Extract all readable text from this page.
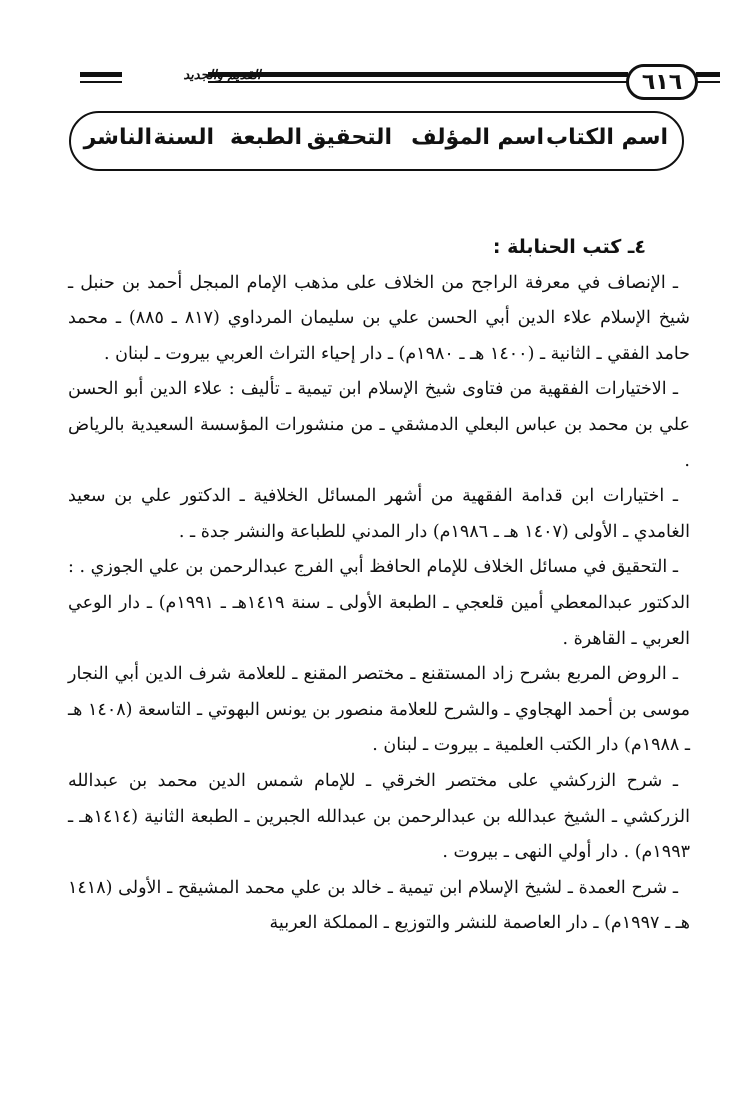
القديم والجديد	٦١٦
اسم الكتاب
اسم المؤلف
التحقيق
الطبعة
السنة
الناشر

٤ـ كتب الحنابلة :

ـ الإنصاف في معرفة الراجح من الخلاف على مذهب الإمام المبجل أحمد بن حنبل ـ شيخ الإسلام علاء الدين أبي الحسن علي بن سليمان المرداوي (٨١٧ ـ ٨٨٥) ـ محمد حامد الفقي ـ الثانية ـ (١٤٠٠ هـ ـ ١٩٨٠م) ـ دار إحياء التراث العربي بيروت ـ لبنان .

ـ الاختيارات الفقهية من فتاوى شيخ الإسلام ابن تيمية ـ تأليف : علاء الدين أبو الحسن علي بن محمد بن عباس البعلي الدمشقي ـ من منشورات المؤسسة السعيدية بالرياض .

ـ اختيارات ابن قدامة الفقهية من أشهر المسائل الخلافية ـ الدكتور علي بن سعيد الغامدي ـ الأولى (١٤٠٧ هـ ـ ١٩٨٦م) دار المدني للطباعة والنشر جدة ـ .

ـ التحقيق في مسائل الخلاف للإمام الحافظ أبي الفرج عبدالرحمن بن علي الجوزي . : الدكتور عبدالمعطي أمين قلعجي ـ الطبعة الأولى ـ سنة ١٤١٩هـ ـ ١٩٩١م) ـ دار الوعي العربي ـ القاهرة .

ـ الروض المربع بشرح زاد المستقنع ـ مختصر المقنع ـ للعلامة شرف الدين أبي النجار موسى بن أحمد الهجاوي ـ والشرح للعلامة منصور بن يونس البهوتي ـ التاسعة (١٤٠٨ هـ ـ ١٩٨٨م) دار الكتب العلمية ـ بيروت ـ لبنان .

ـ شرح الزركشي على مختصر الخرقي ـ للإمام شمس الدين محمد بن عبدالله الزركشي ـ الشيخ عبدالله بن عبدالرحمن بن عبدالله الجبرين ـ الطبعة الثانية (١٤١٤هـ ـ ١٩٩٣م) . دار أولي النهى ـ بيروت .

ـ شرح العمدة ـ لشيخ الإسلام ابن تيمية ـ خالد بن علي محمد المشيقح ـ الأولى (١٤١٨ هـ ـ ١٩٩٧م) ـ دار العاصمة للنشر والتوزيع ـ المملكة العربية
